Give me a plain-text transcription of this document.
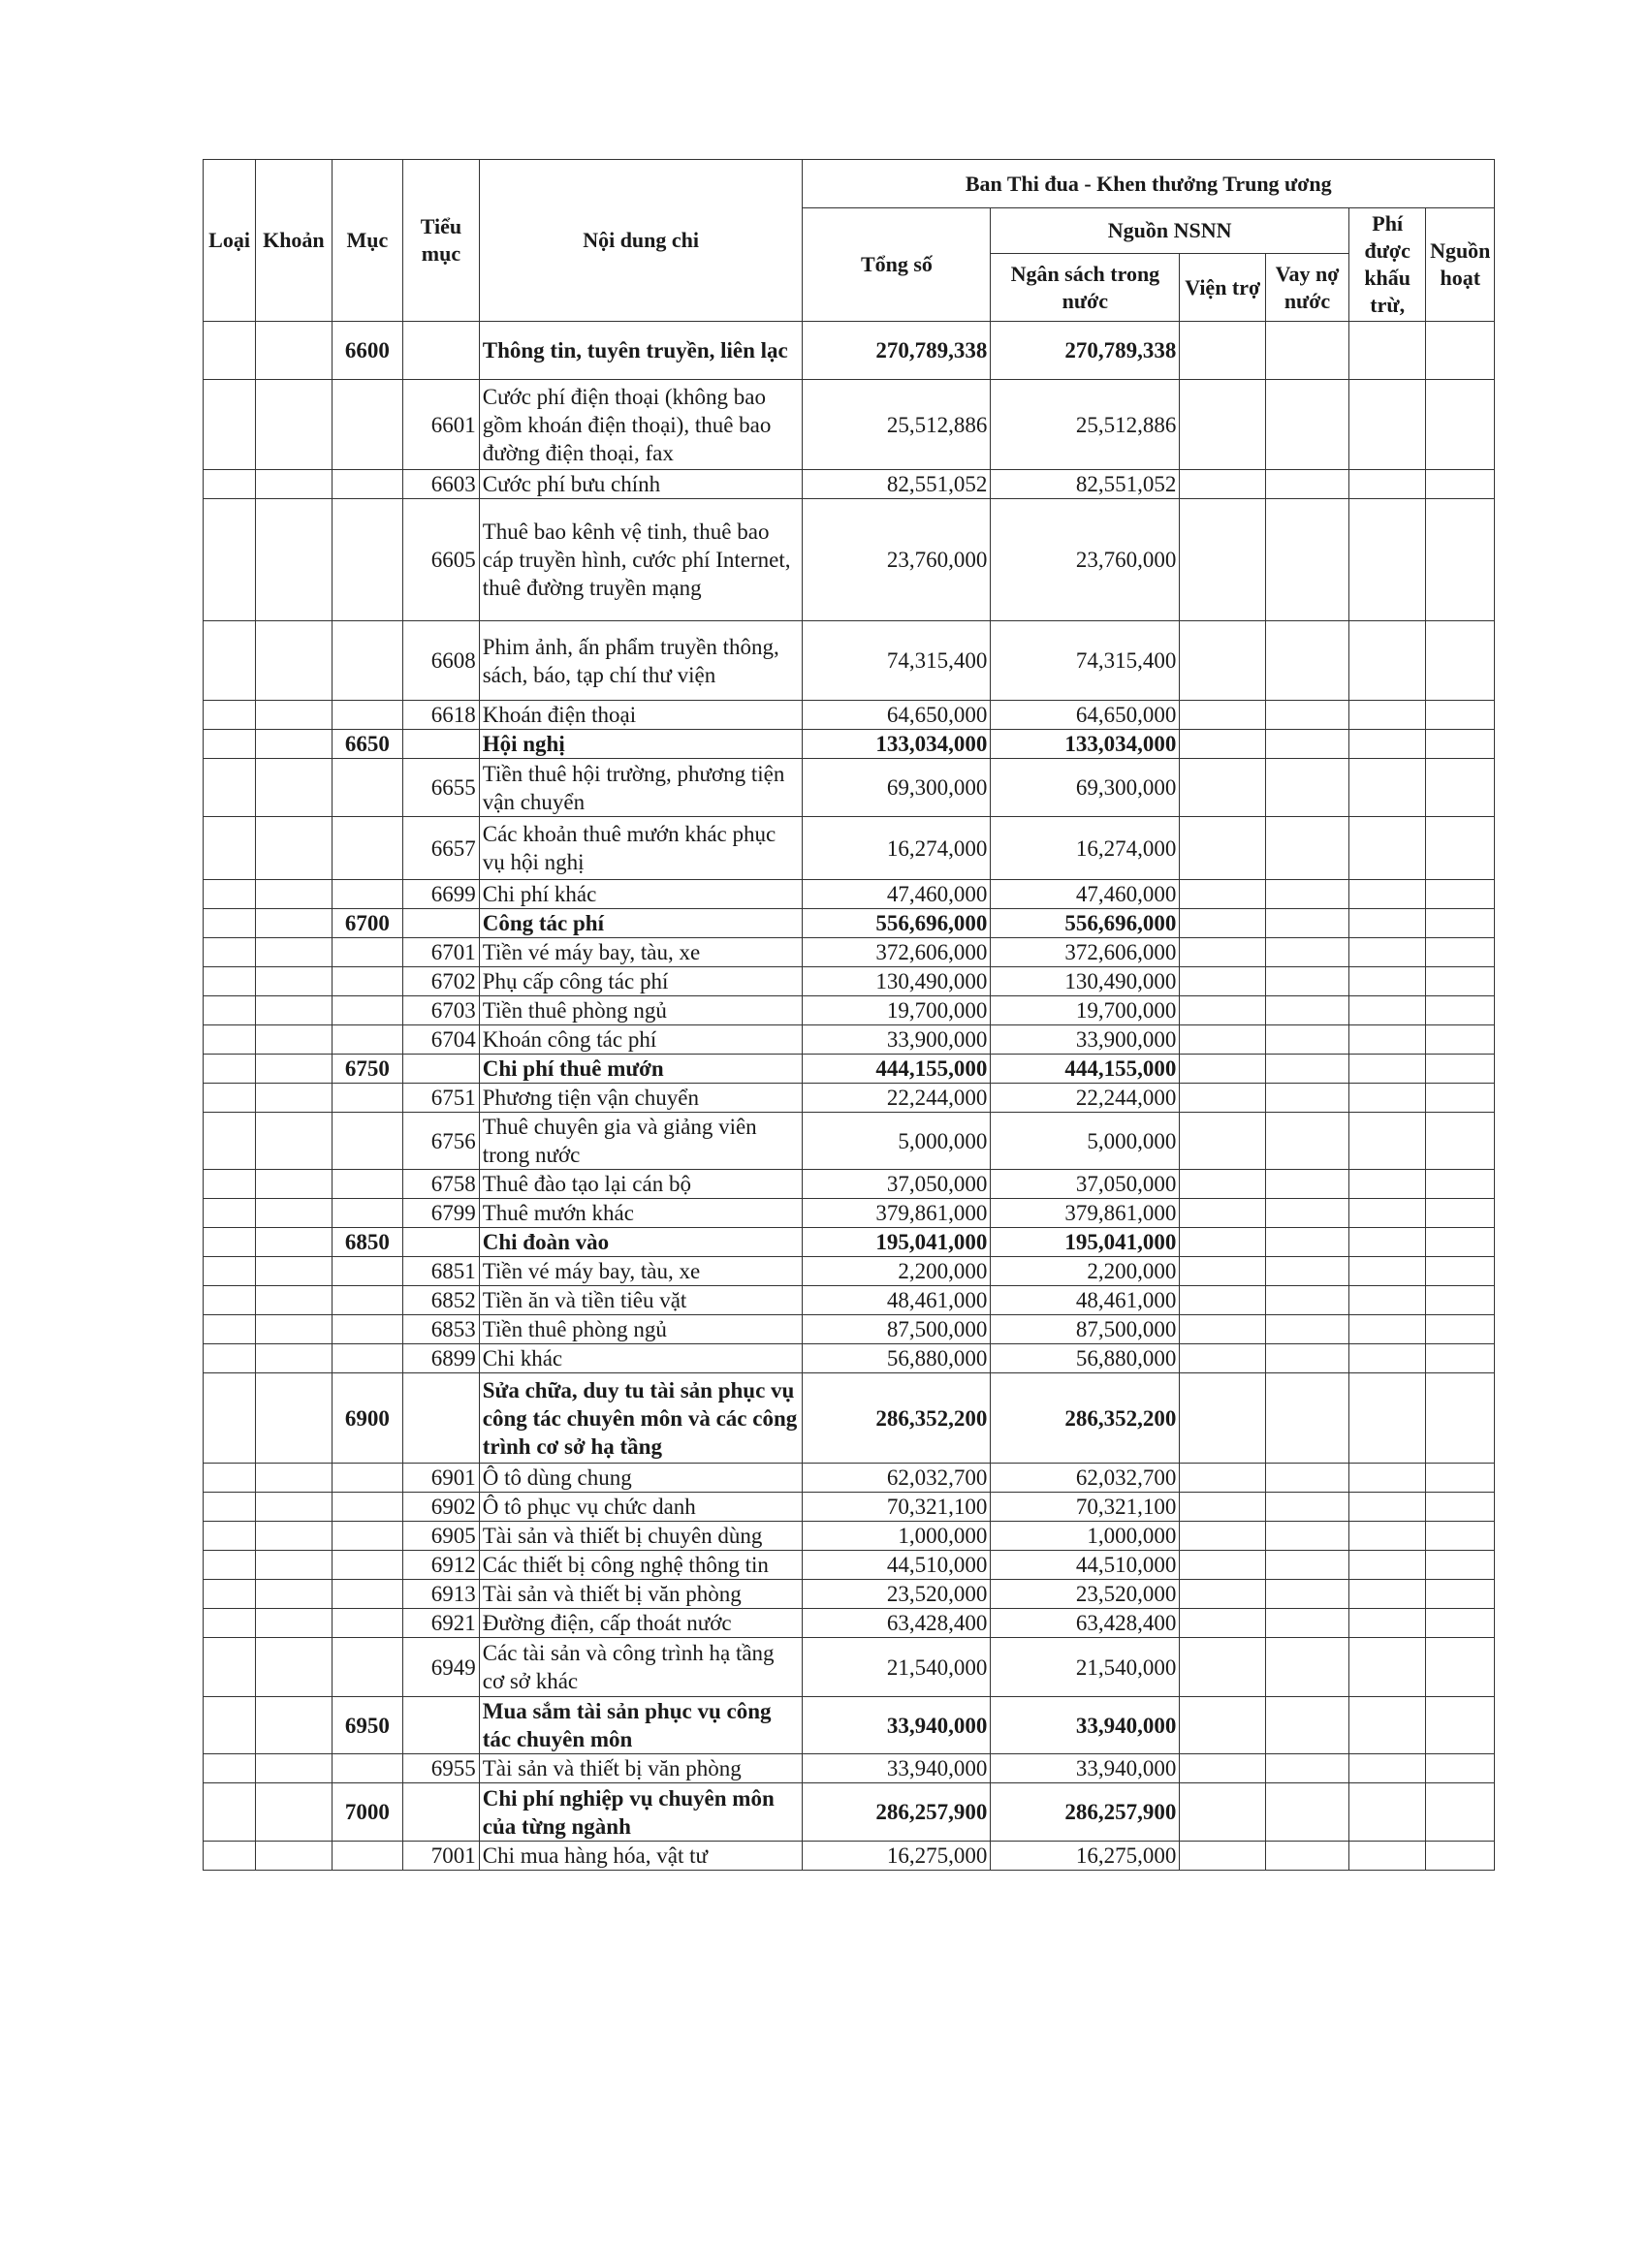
Loại	Khoản	Mục	Tiểu mục	Nội dung chi	Ban Thi đua - Khen thưởng Trung ương					
					Tổng số	Nguồn NSNN			Phí được khấu trừ,	Nguồn hoạt
						Ngân sách trong nước	Viện trợ	Vay nợ nước		

		6600		Thông tin, tuyên truyền, liên lạc	270,789,338	270,789,338				
			6601	Cước phí điện thoại (không bao gồm khoán điện thoại), thuê bao đường điện thoại, fax	25,512,886	25,512,886				
			6603	Cước phí bưu chính	82,551,052	82,551,052				
			6605	Thuê bao kênh vệ tinh, thuê bao cáp truyền hình, cước phí Internet, thuê đường truyền mạng	23,760,000	23,760,000				
			6608	Phim ảnh, ấn phẩm truyền thông, sách, báo, tạp chí thư viện	74,315,400	74,315,400				
			6618	Khoán điện thoại	64,650,000	64,650,000				
		6650		Hội nghị	133,034,000	133,034,000				
			6655	Tiền thuê hội trường, phương tiện vận chuyển	69,300,000	69,300,000				
			6657	Các khoản thuê mướn khác phục vụ hội nghị	16,274,000	16,274,000				
			6699	Chi phí khác	47,460,000	47,460,000				
		6700		Công tác phí	556,696,000	556,696,000				
			6701	Tiền vé máy bay, tàu, xe	372,606,000	372,606,000				
			6702	Phụ cấp công tác phí	130,490,000	130,490,000				
			6703	Tiền thuê phòng ngủ	19,700,000	19,700,000				
			6704	Khoán công tác phí	33,900,000	33,900,000				
		6750		Chi phí thuê mướn	444,155,000	444,155,000				
			6751	Phương tiện vận chuyển	22,244,000	22,244,000				
			6756	Thuê chuyên gia và giảng viên trong nước	5,000,000	5,000,000				
			6758	Thuê đào tạo lại cán bộ	37,050,000	37,050,000				
			6799	Thuê mướn khác	379,861,000	379,861,000				
		6850		Chi đoàn vào	195,041,000	195,041,000				
			6851	Tiền vé máy bay, tàu, xe	2,200,000	2,200,000				
			6852	Tiền ăn và tiền tiêu vặt	48,461,000	48,461,000				
			6853	Tiền thuê phòng ngủ	87,500,000	87,500,000				
			6899	Chi khác	56,880,000	56,880,000				
		6900		Sửa chữa, duy tu tài sản phục vụ công tác chuyên môn và các công trình cơ sở hạ tầng	286,352,200	286,352,200				
			6901	Ô tô dùng chung	62,032,700	62,032,700				
			6902	Ô tô phục vụ chức danh	70,321,100	70,321,100				
			6905	Tài sản và thiết bị chuyên dùng	1,000,000	1,000,000				
			6912	Các thiết bị công nghệ thông tin	44,510,000	44,510,000				
			6913	Tài sản và thiết bị văn phòng	23,520,000	23,520,000				
			6921	Đường điện, cấp thoát nước	63,428,400	63,428,400				
			6949	Các tài sản và công trình hạ tầng cơ sở khác	21,540,000	21,540,000				
		6950		Mua sắm tài sản phục vụ công tác chuyên môn	33,940,000	33,940,000				
			6955	Tài sản và thiết bị văn phòng	33,940,000	33,940,000				
		7000		Chi phí nghiệp vụ chuyên môn của từng ngành	286,257,900	286,257,900				
			7001	Chi mua hàng hóa, vật tư	16,275,000	16,275,000				
